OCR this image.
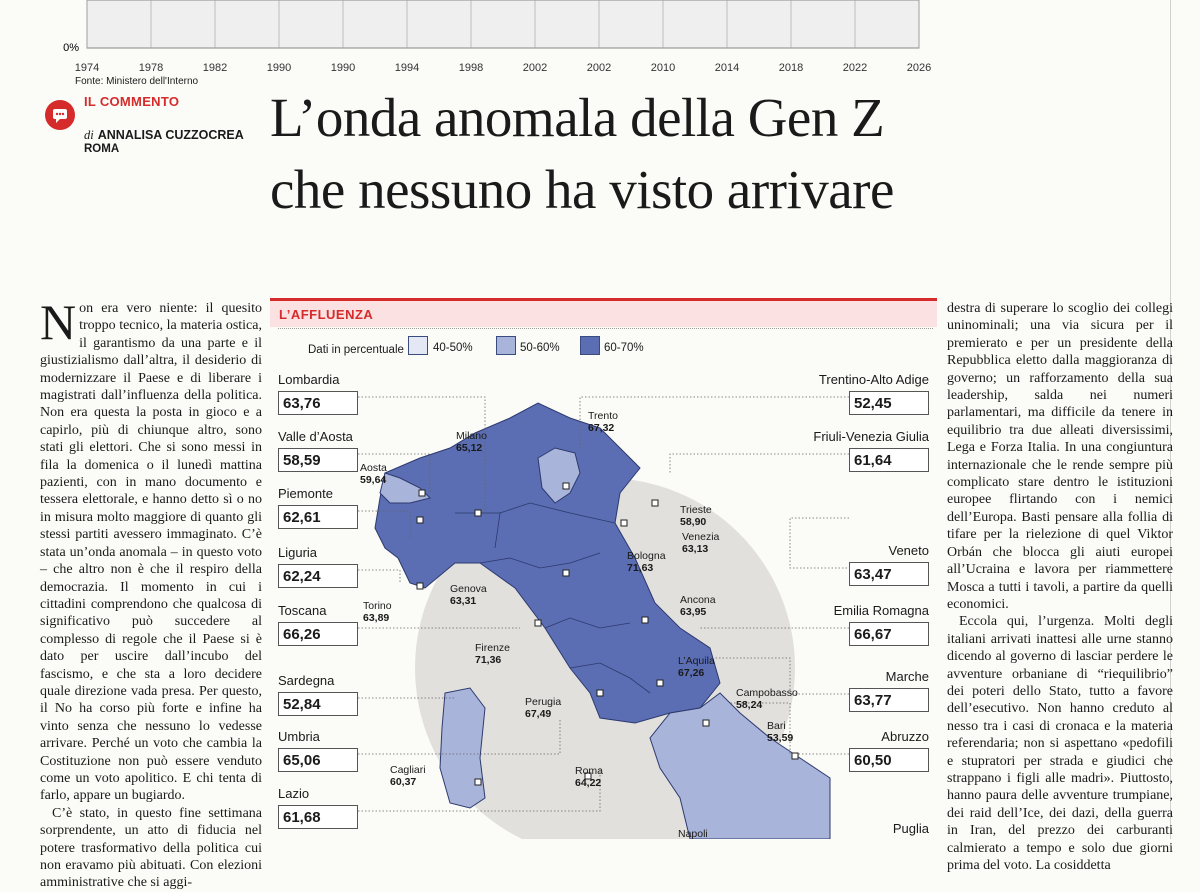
1974	1978	1982	1990	1990	1994	1998	2002	2002	2010	2014	2018	2022	2026
0%
Fonte: Ministero dell'Interno
IL COMMENTO
di ANNALISA CUZZOCREA
ROMA
L’onda anomala della Gen Z
che nessuno ha visto arrivare

Non era vero niente: il quesito troppo tecnico, la materia ostica, il garantismo da una parte e il giustizialismo dall’altra, il desiderio di modernizzare il Paese e di liberare i magistrati dall’influenza della politica. Non era questa la posta in gioco e a capirlo, più di chiunque altro, sono stati gli elettori. Che si sono messi in fila la domenica o il lunedì mattina pazienti, con in mano documento e tessera elettorale, e hanno detto sì o no in misura molto maggiore di quanto gli stessi partiti avessero immaginato. C’è stata un’onda anomala – in questo voto – che altro non è che il respiro della democrazia. Il momento in cui i cittadini comprendono che qualcosa di significativo può succedere al complesso di regole che il Paese si è dato per uscire dall’incubo del fascismo, e che sta a loro decidere quale direzione vada presa. Per questo, il No ha corso più forte e infine ha vinto senza che nessuno lo vedesse arrivare. Perché un voto che cambia la Costituzione non può essere venduto come un voto apolitico. E chi tenta di farlo, appare un bugiardo.

C’è stato, in questo fine settimana sorprendente, un atto di fiducia nel potere trasformativo della politica cui non eravamo più abituati. Con elezioni amministrative che si aggi-

destra di superare lo scoglio dei collegi uninominali; una via sicura per il premierato e per un presidente della Repubblica eletto dalla maggioranza di governo; un rafforzamento della sua leadership, salda nei numeri parlamentari, ma difficile da tenere in equilibrio tra due alleati diversissimi, Lega e Forza Italia. In una congiuntura internazionale che le rende sempre più complicato stare dentro le istituzioni europee flirtando con i nemici dell’Europa. Basti pensare alla follia di tifare per la rielezione di quel Viktor Orbán che blocca gli aiuti europei all’Ucraina e lavora per riammettere Mosca a tutti i tavoli, a partire da quelli economici.

Eccola qui, l’urgenza. Molti degli italiani arrivati inattesi alle urne stanno dicendo al governo di lasciar perdere le avventure orbaniane di “riequilibrio” dei poteri dello Stato, tutto a favore dell’esecutivo. Non hanno creduto al nesso tra i casi di cronaca e la materia referendaria; non si aspettano «pedofili e stupratori per strada e giudici che strappano i figli alle madri». Piuttosto, hanno paura delle avventure trumpiane, dei raid dell’Ice, dei dazi, della guerra in Iran, del prezzo dei carburanti calmierato a tempo e solo due giorni prima del voto. La cosiddetta

L’AFFLUENZA
Dati in percentuale	40-50%	50-60%	60-70%
Lombardia
63,76
Valle d’Aosta
58,59
Piemonte
62,61
Liguria
62,24
Toscana
66,26
Sardegna
52,84
Umbria
65,06
Lazio
61,68
Trentino-Alto Adige
52,45
Friuli-Venezia Giulia
61,64
Veneto
63,47
Emilia Romagna
66,67
Marche
63,77
Abruzzo
60,50
Puglia
Trento
67,32
Milano
65,12
Aosta
59,64
Trieste
58,90
Venezia
63,13
Bologna
71,63
Genova
63,31
Torino
63,89
Ancona
63,95
Firenze
71,36	L’Aquila
67,26
Perugia
67,49
Campobasso
58,24
Bari
53,59
Cagliari
60,37
Roma
64,22
Napoli
